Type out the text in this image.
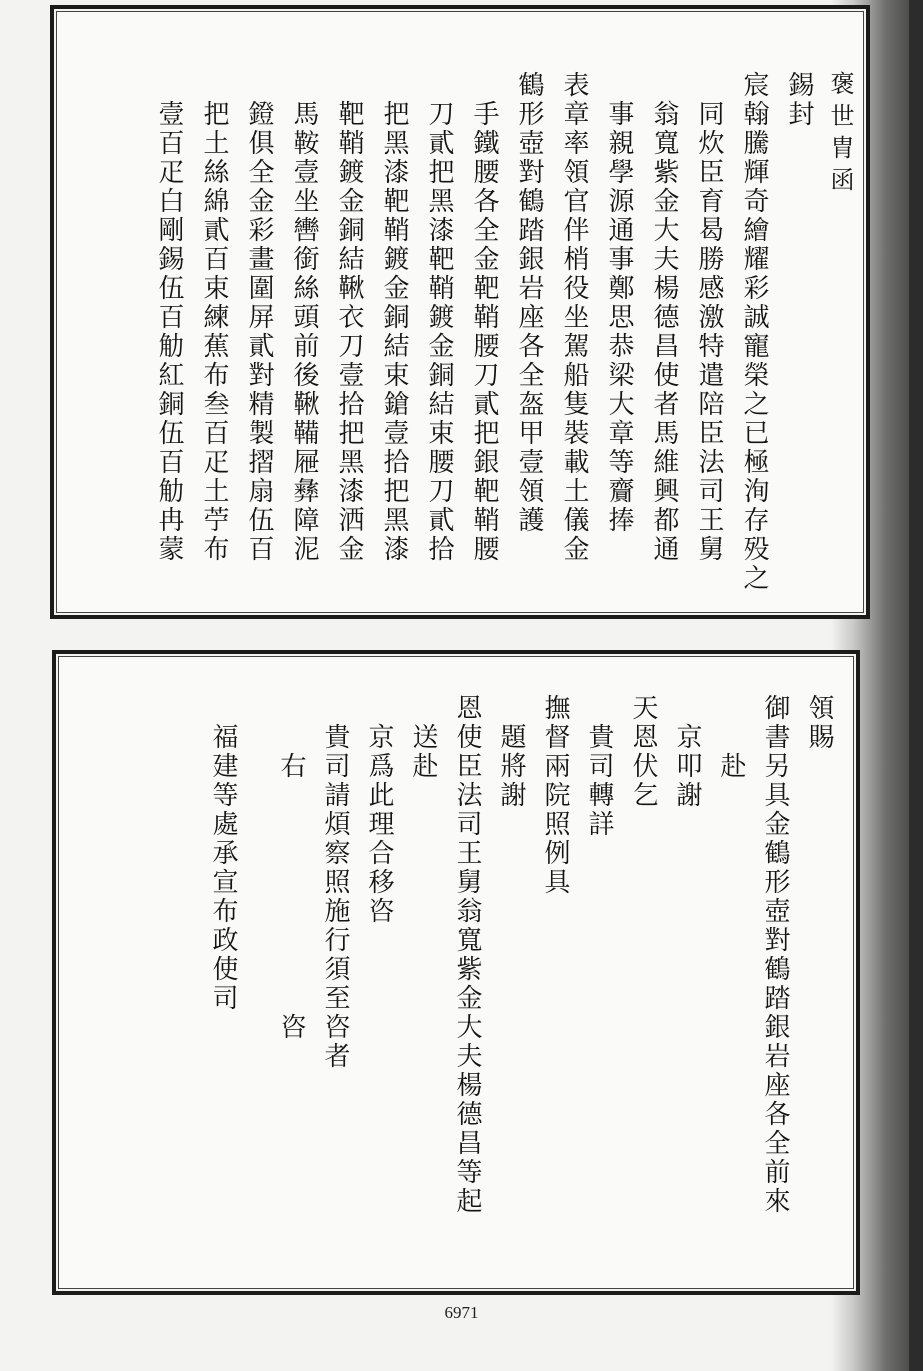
褒世胄函
錫封
宸翰騰輝奇繪耀彩誠寵榮之已極洵存殁之
　同炊臣育曷勝感激特遣陪臣法司王舅
　翁寬紫金大夫楊德昌使者馬維興都通
　事親學源通事鄭思恭梁大章等齎捧
表章率領官伴梢役坐駕船隻裝載土儀金
鶴形壺對鶴踏銀岩座各全盔甲壹領護
　手鐵腰各全金靶鞘腰刀貳把銀靶鞘腰
　刀貳把黑漆靶鞘鍍金銅結束腰刀貳拾
　把黑漆靶鞘鍍金銅結束鎗壹拾把黑漆
　靶鞘鍍金銅結鞦衣刀壹拾把黑漆洒金
　馬鞍壹坐轡銜絲頭前後鞦鞴屜彝障泥
　鐙俱全金彩畫圍屏貳對精製摺扇伍百
　把土絲綿貳百束練蕉布叁百疋土苧布
　壹百疋白剛錫伍百觔紅銅伍百觔冉蒙
領賜
御書另具金鶴形壺對鶴踏銀岩座各全前來
　　赴
　京叩謝
天恩伏乞
　貴司轉詳
撫督兩院照例具
　題將謝
恩使臣法司王舅翁寬紫金大夫楊德昌等起
　送赴
　京爲此理合移咨
　貴司請煩察照施行須至咨者
　　右　　　　　　　　咨
　福建等處承宣布政使司
6971
